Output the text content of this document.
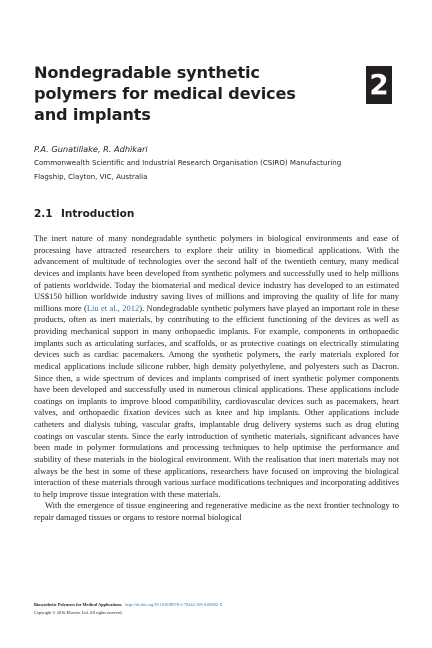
Nondegradable synthetic polymers for medical devices and implants
2
P.A. Gunatillake, R. Adhikari
Commonwealth Scientific and Industrial Research Organisation (CSIRO) Manufacturing
Flagship, Clayton, VIC, Australia
2.1 Introduction

The inert nature of many nondegradable synthetic polymers in biological environments and ease of processing have attracted researchers to explore their utility in biomedical applications. With the advancement of multitude of technologies over the second half of the twentieth century, many medical devices and implants have been developed from synthetic polymers and successfully used to help millions of patients worldwide. Today the biomaterial and medical device industry has developed to an estimated US$150 billion worldwide industry saving lives of millions and improving the quality of life for many millions more (Liu et al., 2012). Nondegradable synthetic polymers have played an important role in these products, often as inert materials, by contributing to the efficient functioning of the devices as well as providing mechanical support in many orthopaedic implants. For example, components in orthopaedic implants such as articulating surfaces, and scaffolds, or as protective coatings on electrically stimulating devices such as cardiac pacemakers. Among the synthetic polymers, the early materials explored for medical applications include silicone rubber, high density polyethylene, and polyesters such as Dacron. Since then, a wide spectrum of devices and implants comprised of inert synthetic polymer components have been developed and successfully used in numerous clinical applications. These applications include coatings on implants to improve blood compatibility, cardiovascular devices such as pacemakers, heart valves, and orthopaedic fixation devices such as knee and hip implants. Other applications include catheters and dialysis tubing, vascular grafts, implantable drug delivery systems such as drug eluting coatings on vascular stents. Since the early introduction of synthetic materials, significant advances have been made in polymer formulations and processing techniques to help optimise the performance and stability of these materials in the biological environment. With the realisation that inert materials may not always be the best in some of these applications, researchers have focused on improving the biological interaction of these materials through various surface modifications techniques and incorporating additives to help improve tissue integration with these materials.

With the emergence of tissue engineering and regenerative medicine as the next frontier technology to repair damaged tissues or organs to restore normal biological

Biosynthetic Polymers for Medical Applications. http://dx.doi.org/10.1016/B978-1-78242-105-4.00002-X
Copyright © 2016 Elsevier Ltd. All rights reserved.
